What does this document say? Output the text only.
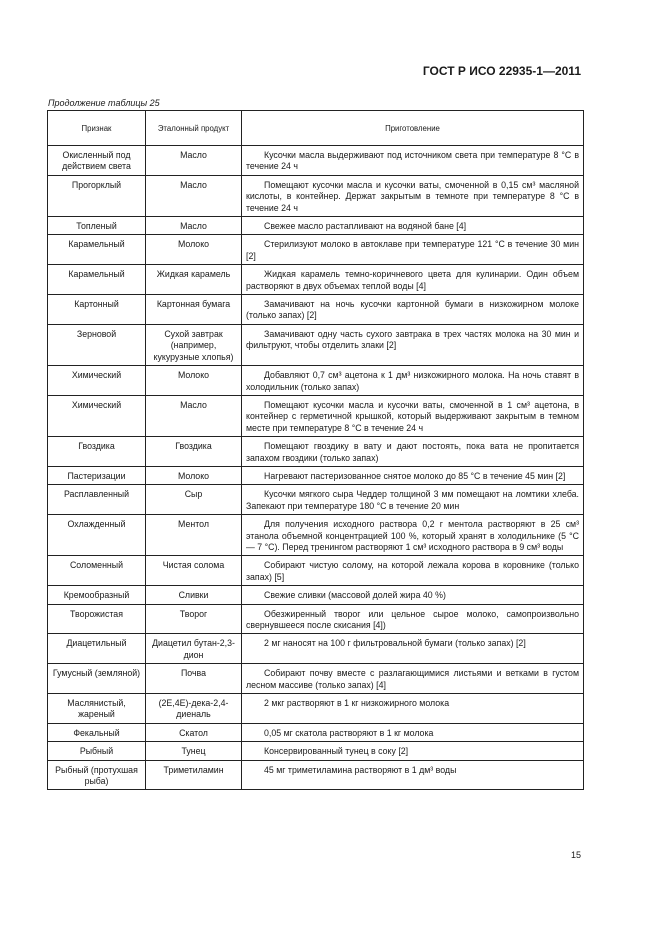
ГОСТ Р ИСО 22935-1—2011
Продолжение таблицы 25
Признак	Эталонный продукт	Приготовление
Окисленный под действием света	Масло	Кусочки масла выдерживают под источником света при температуре 8 °С в течение 24 ч

Прогорклый	Масло	Помещают кусочки масла и кусочки ваты, смоченной в 0,15 см³ масляной кислоты, в контейнер. Держат закрытым в темноте при температуре 8 °С в течение 24 ч

Топленый	Масло	Свежее масло растапливают на водяной бане [4]

Карамельный	Молоко	Стерилизуют молоко в автоклаве при температуре 121 °С в течение 30 мин [2]

Карамельный	Жидкая карамель	Жидкая карамель темно-коричневого цвета для кулинарии. Один объем растворяют в двух объемах теплой воды [4]

Картонный	Картонная бумага	Замачивают на ночь кусочки картонной бумаги в низкожирном молоке (только запах) [2]

Зерновой	Сухой завтрак (например, кукурузные хлопья)	Замачивают одну часть сухого завтрака в трех частях молока на 30 мин и фильтруют, чтобы отделить злаки [2]

Химический	Молоко	Добавляют 0,7 см³ ацетона к 1 дм³ низкожирного молока. На ночь ставят в холодильник (только запах)

Химический	Масло	Помещают кусочки масла и кусочки ваты, смоченной в 1 см³ ацетона, в контейнер с герметичной крышкой, который выдерживают закрытым в темном месте при температуре 8 °С в течение 24 ч

Гвоздика	Гвоздика	Помещают гвоздику в вату и дают постоять, пока вата не пропитается запахом гвоздики (только запах)

Пастеризации	Молоко	Нагревают пастеризованное снятое молоко до 85 °С в течение 45 мин [2]

Расплавленный	Сыр	Кусочки мягкого сыра Чеддер толщиной 3 мм помещают на ломтики хлеба. Запекают при температуре 180 °С в течение 20 мин

Охлажденный	Ментол	Для получения исходного раствора 0,2 г ментола растворяют в 25 см³ этанола объемной концентрацией 100 %, который хранят в холодильнике (5 °С — 7 °С). Перед тренингом растворяют 1 см³ исходного раствора в 9 см³ воды

Соломенный	Чистая солома	Собирают чистую солому, на которой лежала корова в коровнике (только запах) [5]

Кремообразный	Сливки	Свежие сливки (массовой долей жира 40 %)

Творожистая	Творог	Обезжиренный творог или цельное сырое молоко, самопроизвольно свернувшееся после скисания [4])

Диацетильный	Диацетил бутан-2,3-дион	2 мг наносят на 100 г фильтровальной бумаги (только запах) [2]

Гумусный (земляной)	Почва	Собирают почву вместе с разлагающимися листьями и ветками в густом лесном массиве (только запах) [4]

Маслянистый, жареный	(2Е,4Е)-дека-2,4-диеналь	2 мкг растворяют в 1 кг низкожирного молока

Фекальный	Скатол	0,05 мг скатола растворяют в 1 кг молока

Рыбный	Тунец	Консервированный тунец в соку [2]

Рыбный (протухшая рыба)	Триметиламин	45 мг триметиламина растворяют в 1 дм³ воды
15
